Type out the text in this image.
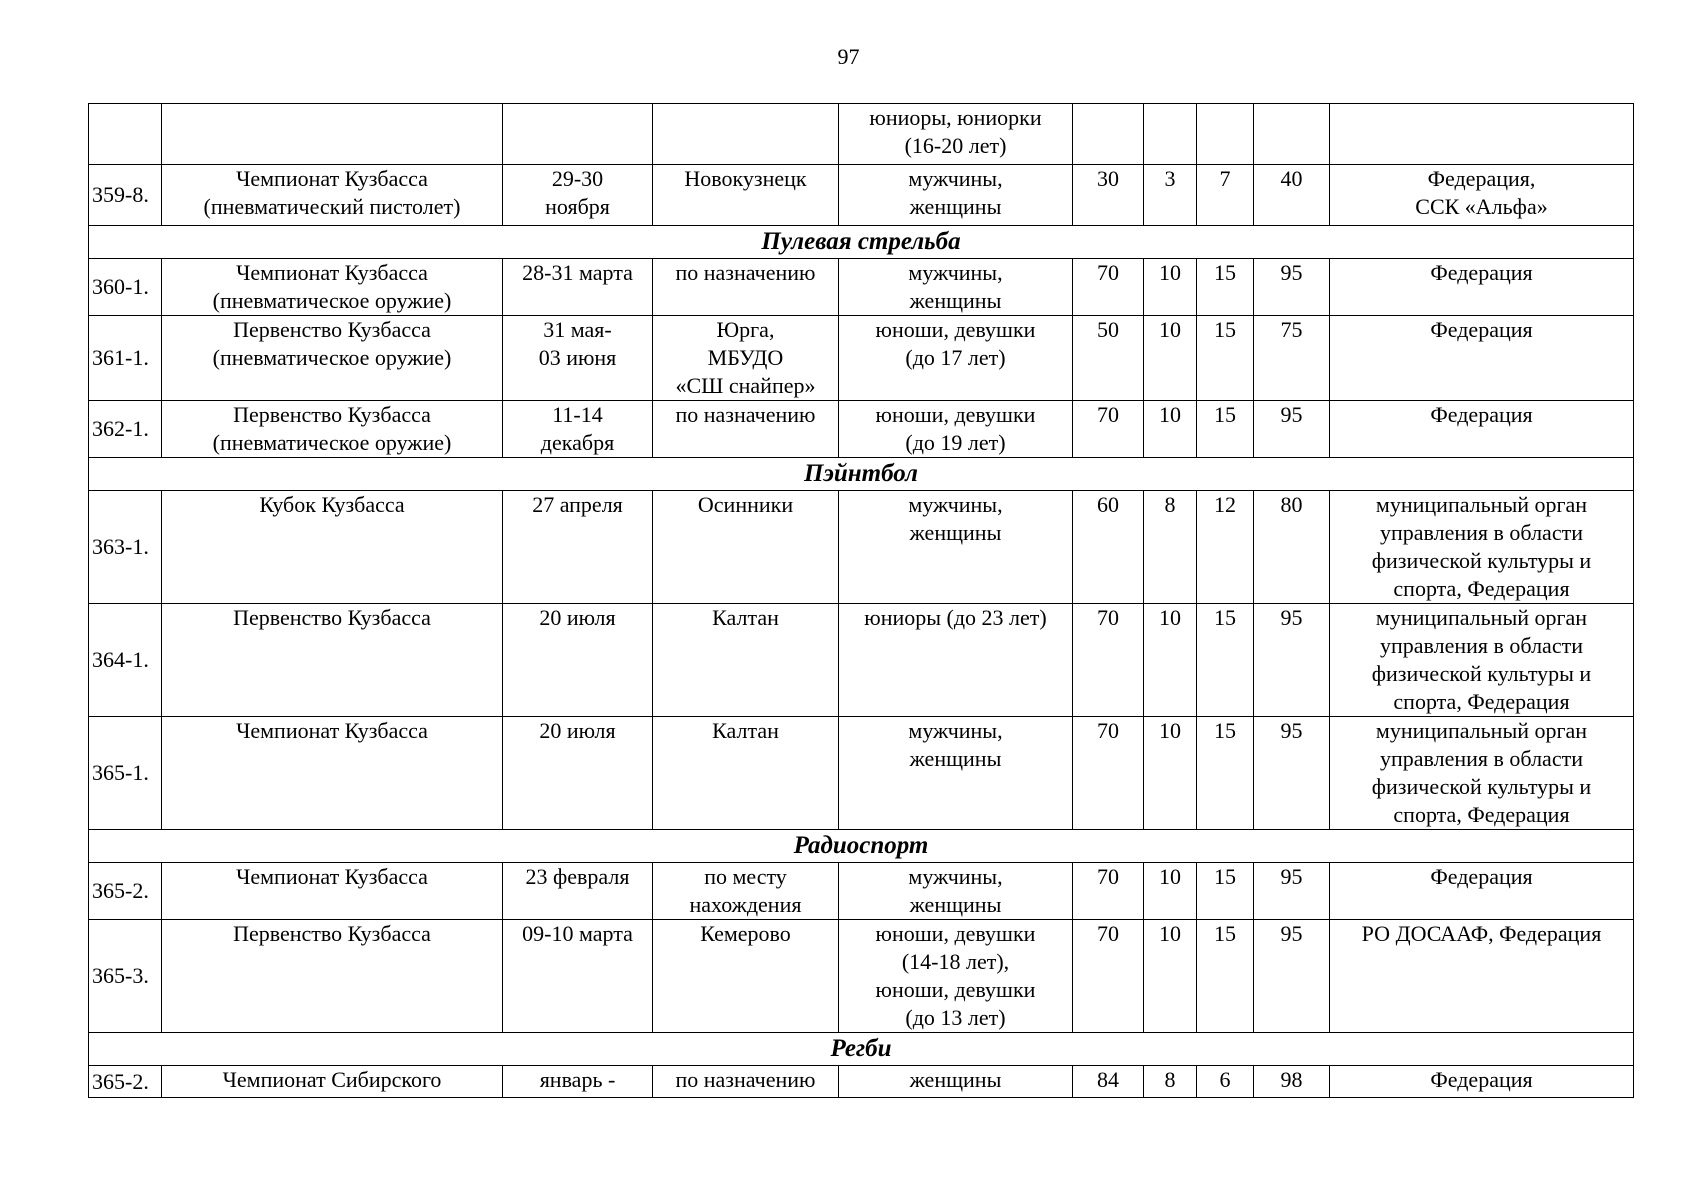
97

				юниоры, юниорки
(16-20 лет)					

359-8.	Чемпионат Кузбасса
(пневматический пистолет)	29-30
ноября	Новокузнецк	мужчины,
женщины	30	3	7	40	Федерация,
ССК «Альфа»

Пулевая стрельба									
360-1.	Чемпионат Кузбасса
(пневматическое оружие)	28-31 марта	по назначению	мужчины,
женщины	70	10	15	95	Федерация

361-1.	Первенство Кузбасса
(пневматическое оружие)	31 мая-
03 июня	Юрга,
МБУДО
«СШ снайпер»	юноши, девушки
(до 17 лет)	50	10	15	75	Федерация

362-1.	Первенство Кузбасса
(пневматическое оружие)	11-14
декабря	по назначению	юноши, девушки
(до 19 лет)	70	10	15	95	Федерация

Пэйнтбол									
363-1.	Кубок Кузбасса	27 апреля	Осинники	мужчины,
женщины	60	8	12	80	муниципальный орган
управления в области
физической культуры и
спорта, Федерация

364-1.	Первенство Кузбасса	20 июля	Калтан	юниоры (до 23 лет)	70	10	15	95	муниципальный орган
управления в области
физической культуры и
спорта, Федерация

365-1.	Чемпионат Кузбасса	20 июля	Калтан	мужчины,
женщины	70	10	15	95	муниципальный орган
управления в области
физической культуры и
спорта, Федерация

Радиоспорт									
365-2.	Чемпионат Кузбасса	23 февраля	по месту
нахождения	мужчины,
женщины	70	10	15	95	Федерация

365-3.	Первенство Кузбасса	09-10 марта	Кемерово	юноши, девушки
(14-18 лет),
юноши, девушки
(до 13 лет)	70	10	15	95	РО ДОСААФ, Федерация

Регби									
365-2.	Чемпионат Сибирского	январь -	по назначению	женщины	84	8	6	98	Федерация
